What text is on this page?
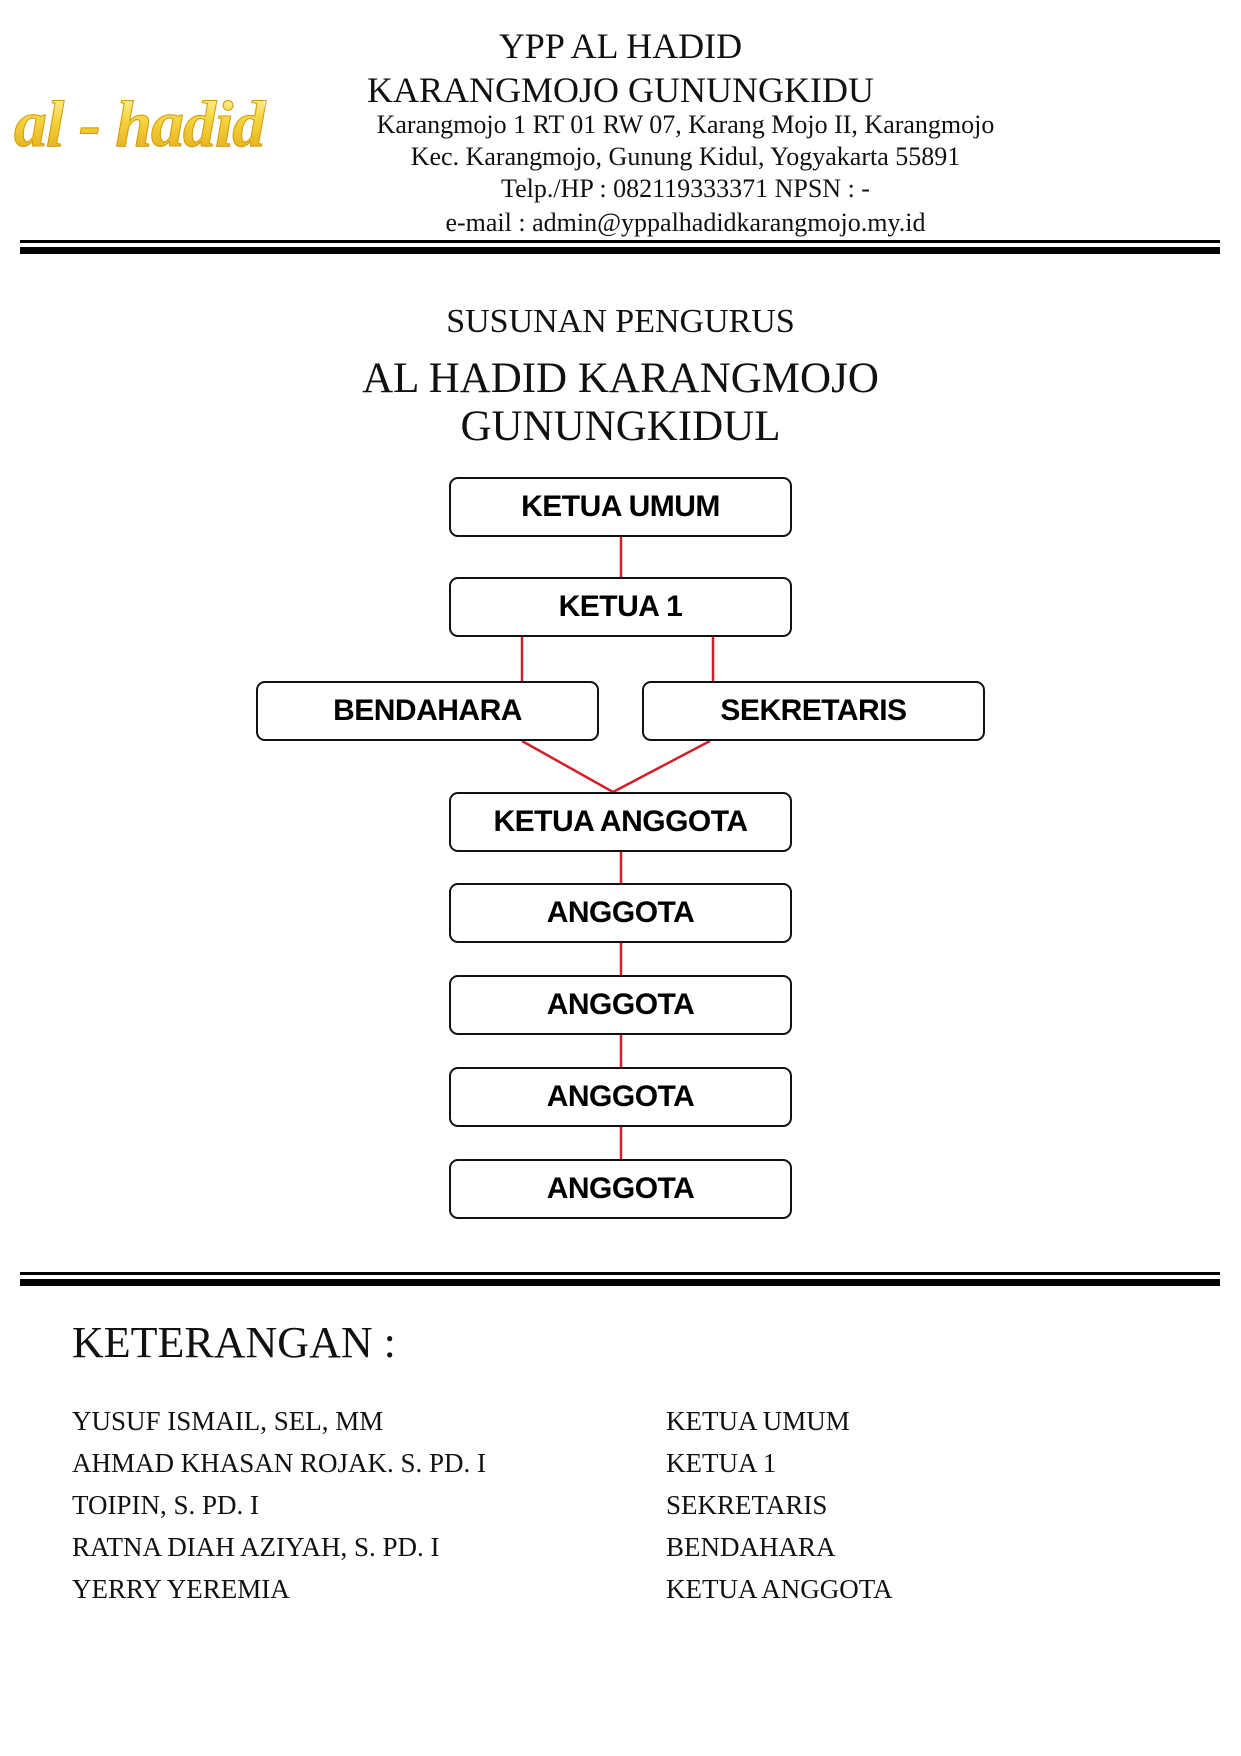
al - hadid
YPP AL HADID
KARANGMOJO GUNUNGKIDU
Karangmojo 1 RT 01 RW 07, Karang Mojo II, Karangmojo
Kec. Karangmojo, Gunung Kidul, Yogyakarta 55891
Telp./HP : 082119333371 NPSN : -
e-mail : admin@yppalhadidkarangmojo.my.id
SUSUNAN PENGURUS
AL HADID KARANGMOJO
GUNUNGKIDUL
KETUA UMUM
KETUA 1
BENDAHARA	SEKRETARIS
KETUA ANGGOTA
ANGGOTA
ANGGOTA
ANGGOTA
ANGGOTA
KETERANGAN :
YUSUF ISMAIL, SEL, MM	KETUA UMUM
AHMAD KHASAN ROJAK. S. PD. I	KETUA 1
TOIPIN, S. PD. I	SEKRETARIS
RATNA DIAH AZIYAH, S. PD. I	BENDAHARA
YERRY YEREMIA	KETUA ANGGOTA
